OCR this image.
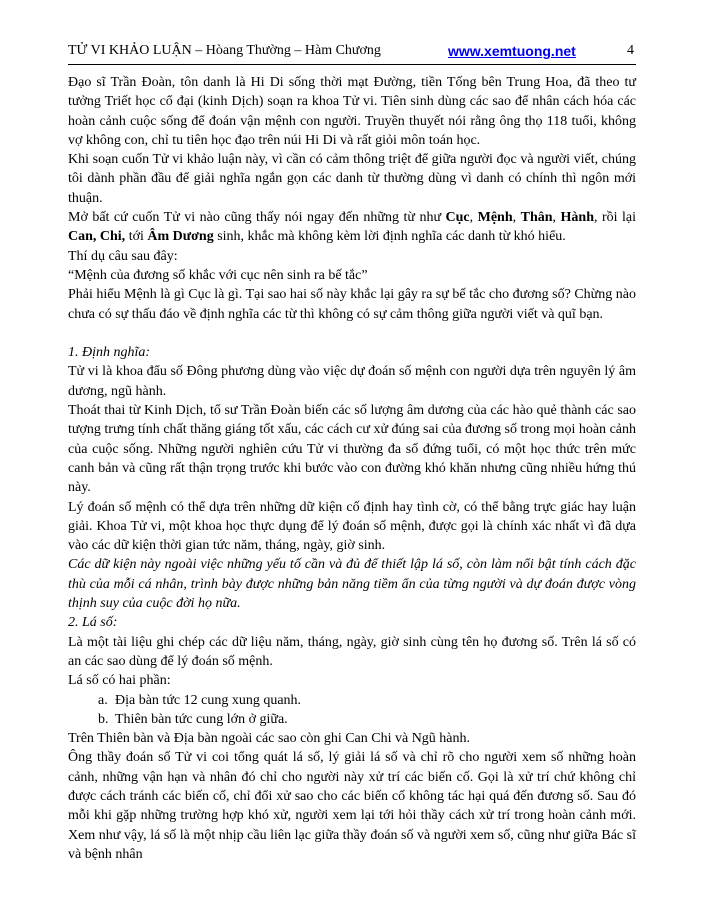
TỬ VI KHẢO LUẬN – Hòang Thường – Hàm Chương	www.xemtuong.net	4

Đạo sĩ Trần Đoàn, tôn danh là Hi Di sống thời mạt Đường, tiền Tống bên Trung Hoa, đã theo tư tưởng Triết học cổ đại (kinh Dịch) soạn ra khoa Tử vi. Tiên sinh dùng các sao để nhân cách hóa các hoàn cảnh cuộc sống để đoán vận mệnh con người. Truyền thuyết nói rằng ông thọ 118 tuổi, không vợ không con, chỉ tu tiên học đạo trên núi Hi Di và rất giỏi môn toán học.

Khi soạn cuốn Tử vi khảo luận này, vì cần có cảm thông triệt để giữa người đọc và người viết, chúng tôi dành phần đầu để giải nghĩa ngắn gọn các danh từ thường dùng vì danh có chính thì ngôn mới thuận.

Mở bất cứ cuốn Tử vi nào cũng thấy nói ngay đến những từ như Cục, Mệnh, Thân, Hành, rồi lại Can, Chi, tới Âm Dương sinh, khắc mà không kèm lời định nghĩa các danh từ khó hiểu.

Thí dụ câu sau đây:

“Mệnh của đương số khắc với cục nên sinh ra bế tắc”

Phải hiểu Mệnh là gì Cục là gì. Tại sao hai số này khắc lại gây ra sự bế tắc cho đương số? Chừng nào chưa có sự thấu đáo về định nghĩa các từ thì không có sự cảm thông giữa người viết và quĩ bạn.

1. Định nghĩa:

Tử vi là khoa đẩu số Đông phương dùng vào việc dự đoán số mệnh con người dựa trên nguyên lý âm dương, ngũ hành.

Thoát thai từ Kinh Dịch, tổ sư Trần Đoàn biến các số lượng âm dương của các hào quẻ thành các sao tượng trưng tính chất thăng giáng tốt xấu, các cách cư xử đúng sai của đương số trong mọi hoàn cảnh của cuộc sống. Những người nghiên cứu Tử vi thường đa số đứng tuổi, có một học thức trên mức canh bản và cũng rất thận trọng trước khi bước vào con đường khó khăn nhưng cũng nhiều hứng thú này.

Lý đoán số mệnh có thể dựa trên những dữ kiện cố định hay tình cờ, có thể bằng trực giác hay luận giải. Khoa Tử vi, một khoa học thực dụng để lý đoán số mệnh, được gọi là chính xác nhất vì đã dựa vào các dữ kiện thời gian tức năm, tháng, ngày, giờ sinh.

Các dữ kiện này ngoài việc những yếu tố cần và đủ để thiết lập lá số, còn làm nổi bật tính cách đặc thù của mỗi cá nhân, trình bày được những bản năng tiềm ẩn của từng người và dự đoán được vòng thịnh suy của cuộc đời họ nữa.

2. Lá số:

Là một tài liệu ghi chép các dữ liệu năm, tháng, ngày, giờ sinh cùng tên họ đương số. Trên lá số có an các sao dùng để lý đoán số mệnh.

Lá số có hai phần:

a. Địa bàn tức 12 cung xung quanh.
b. Thiên bàn tức cung lớn ở giữa.

Trên Thiên bàn và Địa bàn ngoài các sao còn ghi Can Chi và Ngũ hành.

Ông thầy đoán số Tử vi coi tổng quát lá số, lý giải lá số và chỉ rõ cho người xem số những hoàn cảnh, những vận hạn và nhân đó chỉ cho người này xử trí các biến cố. Gọi là xử trí chứ không chỉ được cách tránh các biến cố, chỉ đổi xử sao cho các biến cố không tác hại quá đến đương số. Sau đó mỗi khi gặp những trường hợp khó xử, người xem lại tới hỏi thầy cách xử trí trong hoàn cảnh mới. Xem như vậy, lá số là một nhịp cầu liên lạc giữa thầy đoán số và người xem số, cũng như giữa Bác sĩ và bệnh nhân
